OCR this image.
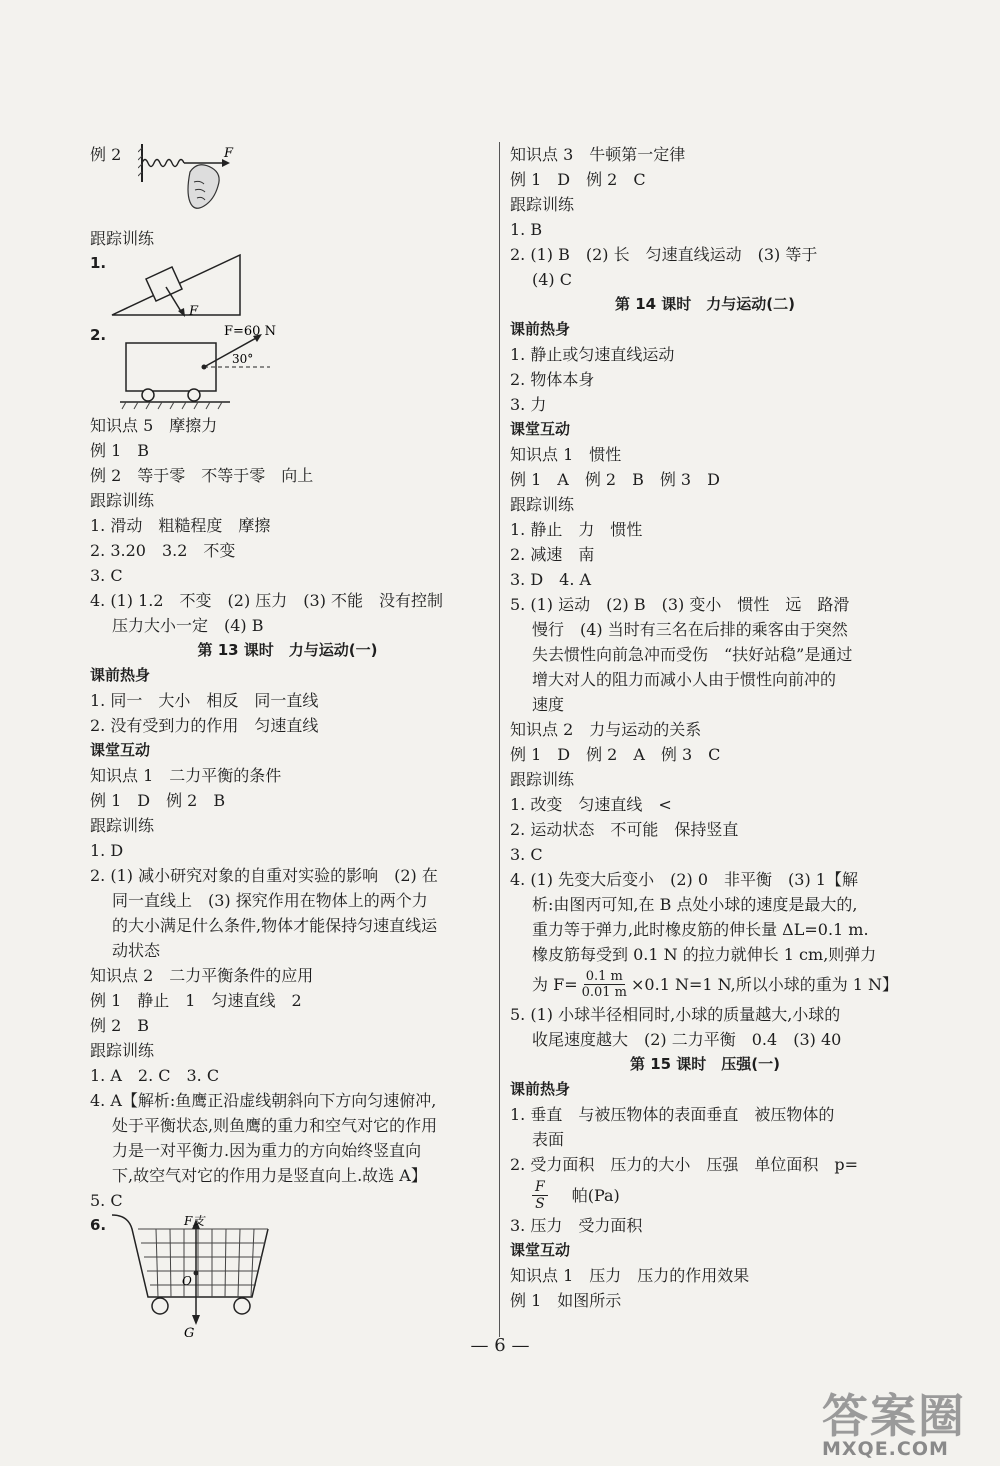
例 2	F
跟踪训练
1.
F
2.	F=60 N
30°
知识点 5　摩擦力
例 1　B
例 2　等于零　不等于零　向上
跟踪训练
1. 滑动　粗糙程度　摩擦
2. 3.20　3.2　不变
3. C
4. (1) 1.2　不变　(2) 压力　(3) 不能　没有控制
压力大小一定　(4) B
第 13 课时　力与运动(一)
课前热身
1. 同一　大小　相反　同一直线
2. 没有受到力的作用　匀速直线
课堂互动
知识点 1　二力平衡的条件
例 1　D　例 2　B
跟踪训练
1. D
2. (1) 减小研究对象的自重对实验的影响　(2) 在
同一直线上　(3) 探究作用在物体上的两个力
的大小满足什么条件,物体才能保持匀速直线运
动状态
知识点 2　二力平衡条件的应用
例 1　静止　1　匀速直线　2
例 2　B
跟踪训练
1. A　2. C　3. C
4. A【解析:鱼鹰正沿虚线朝斜向下方向匀速俯冲,
处于平衡状态,则鱼鹰的重力和空气对它的作用
力是一对平衡力.因为重力的方向始终竖直向
下,故空气对它的作用力是竖直向上.故选 A】
5. C
6.	F支
O
G
知识点 3　牛顿第一定律
例 1　D　例 2　C
跟踪训练
1. B
2. (1) B　(2) 长　匀速直线运动　(3) 等于
(4) C
第 14 课时　力与运动(二)
课前热身
1. 静止或匀速直线运动
2. 物体本身
3. 力
课堂互动
知识点 1　惯性
例 1　A　例 2　B　例 3　D
跟踪训练
1. 静止　力　惯性
2. 减速　南
3. D　4. A
5. (1) 运动　(2) B　(3) 变小　惯性　远　路滑
慢行　(4) 当时有三名在后排的乘客由于突然
失去惯性向前急冲而受伤　“扶好站稳”是通过
增大对人的阻力而减小人由于惯性向前冲的
速度
知识点 2　力与运动的关系
例 1　D　例 2　A　例 3　C
跟踪训练
1. 改变　匀速直线　<
2. 运动状态　不可能　保持竖直
3. C
4. (1) 先变大后变小　(2) 0　非平衡　(3) 1【解
析:由图丙可知,在 B 点处小球的速度是最大的,
重力等于弹力,此时橡皮筋的伸长量 ΔL=0.1 m.
橡皮筋每受到 0.1 N 的拉力就伸长 1 cm,则弹力
为 $F= \frac{0.1 m}{0.01 m} \times 0.1$ N=1 N,所以小球的重为 1 N】
5. (1) 小球半径相同时,小球的质量越大,小球的
收尾速度越大　(2) 二力平衡　0.4　(3) 40
第 15 课时　压强(一)
课前热身
1. 垂直　与被压物体的表面垂直　被压物体的
表面
2. 受力面积　压力的大小　压强　单位面积　p=
$\frac{F}{S}$ 帕(Pa)
3. 压力　受力面积
课堂互动
知识点 1　压力　压力的作用效果
例 1　如图所示
— 6 —
答案圈
MXQE.COM
